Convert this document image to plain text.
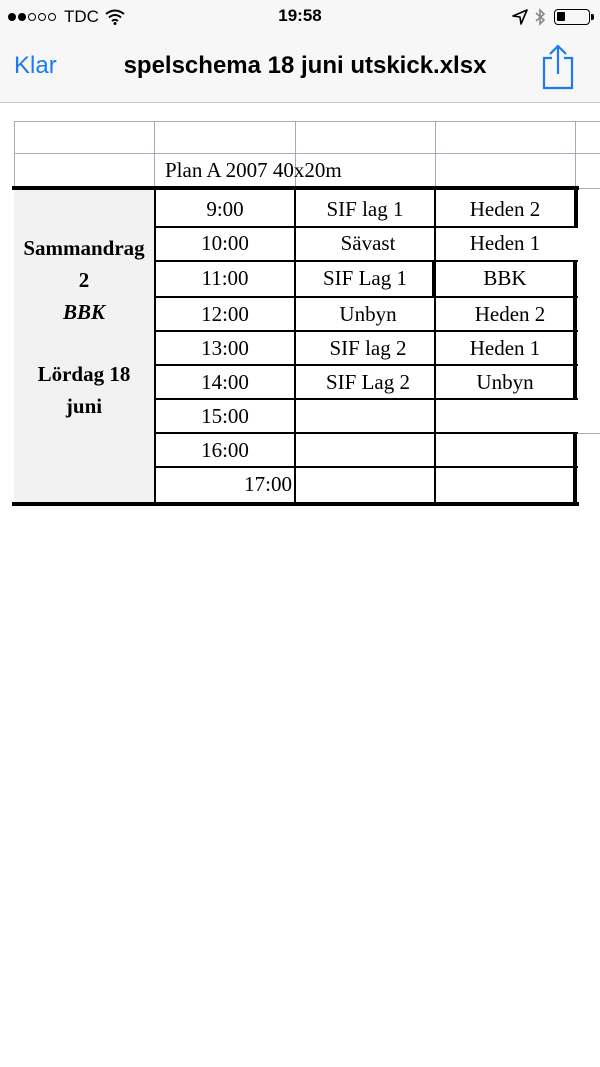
TDC	19:58
Klar	spelschema 18 juni utskick.xlsx
Plan A 2007 40x20m
Sammandrag
2
BBK
Lördag 18
juni
9:00	SIF lag 1	Heden 2
10:00	Sävast	Heden 1
11:00	SIF Lag 1	BBK
12:00	Unbyn	Heden 2
13:00	SIF lag 2	Heden 1
14:00	SIF Lag 2	Unbyn
15:00
16:00
17:00
